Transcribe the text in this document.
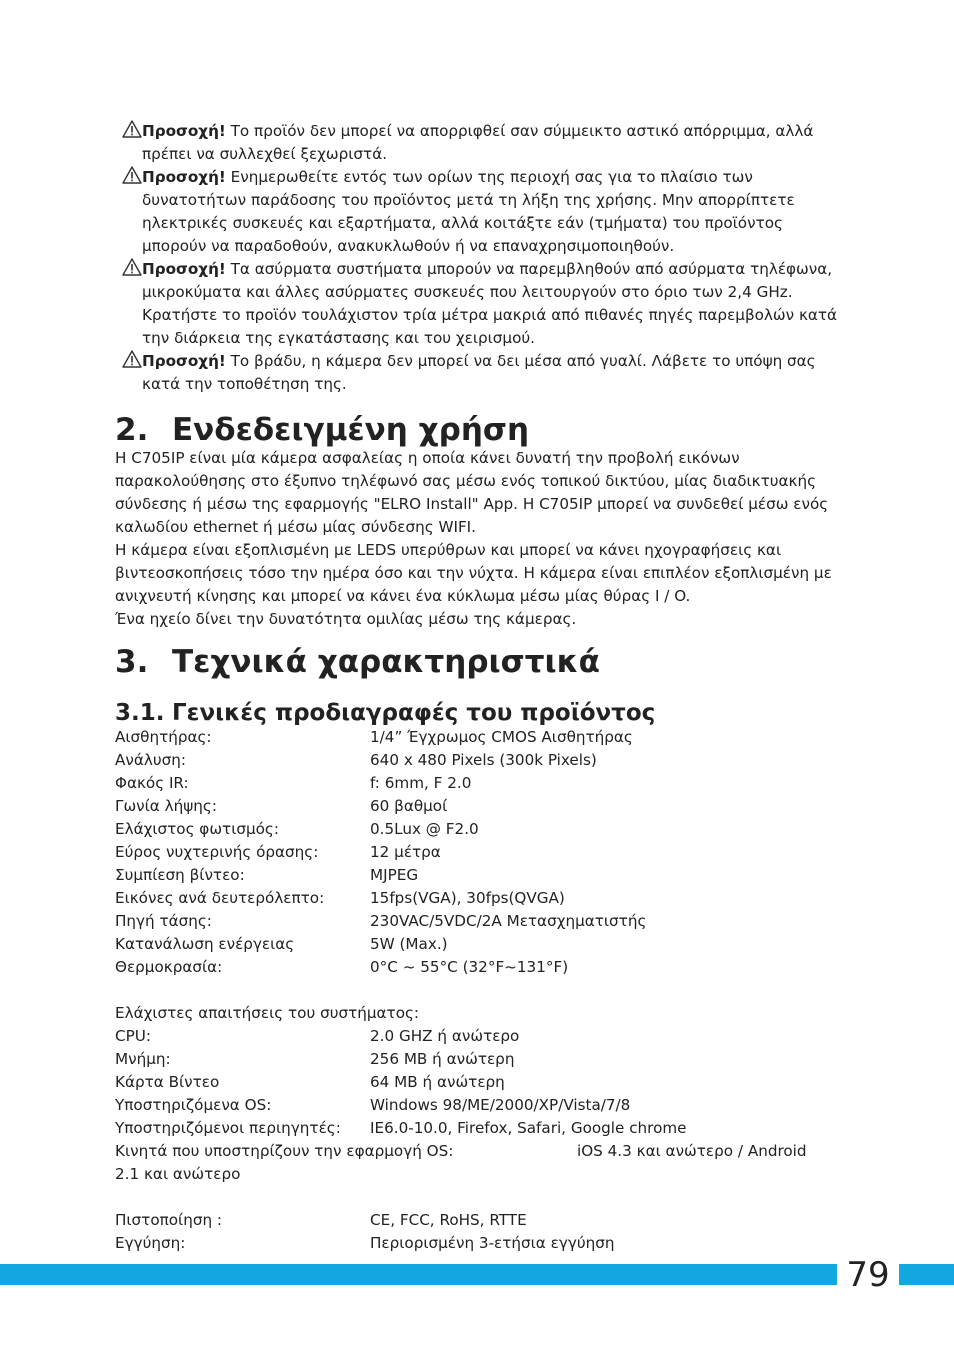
Προσοχή! Το προϊόν δεν μπορεί να απορριφθεί σαν σύμμεικτο αστικό απόρριμμα, αλλά πρέπει να συλλεχθεί ξεχωριστά.
Προσοχή! Ενημερωθείτε εντός των ορίων της περιοχή σας για το πλαίσιο των δυνατοτήτων παράδοσης του προϊόντος μετά τη λήξη της χρήσης. Μην απορρίπτετε ηλεκτρικές συσκευές και εξαρτήματα, αλλά κοιτάξτε εάν (τμήματα) του προϊόντος μπορούν να παραδοθούν, ανακυκλωθούν ή να επαναχρησιμοποιηθούν.
Προσοχή! Τα ασύρματα συστήματα μπορούν να παρεμβληθούν από ασύρματα τηλέφωνα, μικροκύματα και άλλες ασύρματες συσκευές που λειτουργούν στο όριο των 2,4 GHz. Κρατήστε το προϊόν τουλάχιστον τρία μέτρα μακριά από πιθανές πηγές παρεμβολών κατά την διάρκεια της εγκατάστασης και του χειρισμού.
Προσοχή! Το βράδυ, η κάμερα δεν μπορεί να δει μέσα από γυαλί. Λάβετε το υπόψη σας κατά την τοποθέτηση της.
2. Ενδεδειγμένη χρήση

Η C705IP είναι μία κάμερα ασφαλείας η οποία κάνει δυνατή την προβολή εικόνων παρακολούθησης στο έξυπνο τηλέφωνό σας μέσω ενός τοπικού δικτύου, μίας διαδικτυακής σύνδεσης ή μέσω της εφαρμογής "ELRO Install" App. Η C705IP μπορεί να συνδεθεί μέσω ενός καλωδίου ethernet ή μέσω μίας σύνδεσης WIFI.

Η κάμερα είναι εξοπλισμένη με LEDS υπερύθρων και μπορεί να κάνει ηχογραφήσεις και βιντεοσκοπήσεις τόσο την ημέρα όσο και την νύχτα. Η κάμερα είναι επιπλέον εξοπλισμένη με ανιχνευτή κίνησης και μπορεί να κάνει ένα κύκλωμα μέσω μίας θύρας I / O.

Ένα ηχείο δίνει την δυνατότητα ομιλίας μέσω της κάμερας.

3. Τεχνικά χαρακτηριστικά
3.1. Γενικές προδιαγραφές του προϊόντος
Αισθητήρας:	1/4” Έγχρωμος CMOS Αισθητήρας
Ανάλυση:	640 x 480 Pixels (300k Pixels)
Φακός IR:	f: 6mm, F 2.0
Γωνία λήψης:	60 βαθμοί
Ελάχιστος φωτισμός:	0.5Lux @ F2.0
Εύρος νυχτερινής όρασης:	12 μέτρα
Συμπίεση βίντεο:	MJPEG
Εικόνες ανά δευτερόλεπτο:	15fps(VGA), 30fps(QVGA)
Πηγή τάσης:	230VAC/5VDC/2A Μετασχηματιστής
Κατανάλωση ενέργειας	5W (Max.)
Θερμοκρασία:	0°C ~ 55°C (32°F~131°F)
Ελάχιστες απαιτήσεις του συστήματος:
CPU:	2.0 GHZ ή ανώτερο
Μνήμη:	256 MB ή ανώτερη
Κάρτα Βίντεο	64 MB ή ανώτερη
Υποστηριζόμενα OS:	Windows 98/ME/2000/XP/Vista/7/8
Υποστηριζόμενοι περιηγητές:	IE6.0-10.0, Firefox, Safari, Google chrome
Κινητά που υποστηρίζουν την εφαρμογή OS:	iOS 4.3 και ανώτερο / Android
2.1 και ανώτερο
Πιστοποίηση :	CE, FCC, RoHS, RTTE
Εγγύηση:	Περιορισμένη 3-ετήσια εγγύηση
79
